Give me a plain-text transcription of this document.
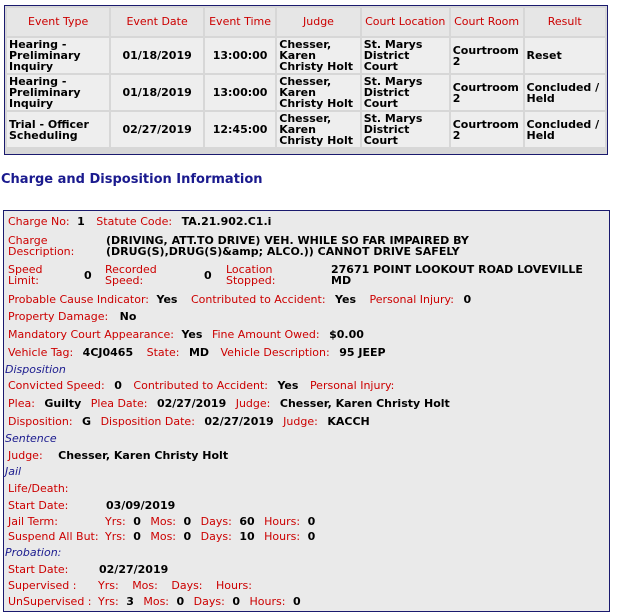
Event Type	Event Date	Event Time	Judge	Court Location	Court Room	Result
Hearing - Preliminary Inquiry	01/18/2019	13:00:00	Chesser, Karen Christy Holt	St. Marys District Court	Courtroom 2	Reset
Hearing - Preliminary Inquiry	01/18/2019	13:00:00	Chesser, Karen Christy Holt	St. Marys District Court	Courtroom 2	Concluded / Held
Trial - Officer Scheduling	02/27/2019	12:45:00	Chesser, Karen Christy Holt	St. Marys District Court	Courtroom 2	Concluded / Held
Charge and Disposition Information
Charge No: 1 Statute Code: TA.21.902.C1.i
Charge Description:
(DRIVING, ATT.TO DRIVE) VEH. WHILE SO FAR IMPAIRED BY (DRUG(S),DRUG(S)&amp; ALCO.)) CANNOT DRIVE SAFELY
Speed Limit:	0 Recorded Speed:	0 Location Stopped:
27671 POINT LOOKOUT ROAD LOVEVILLE MD
Probable Cause Indicator: Yes Contributed to Accident: Yes Personal Injury: 0
Property Damage: No
Mandatory Court Appearance: Yes Fine Amount Owed: $0.00
Vehicle Tag: 4CJ0465 State: MD Vehicle Description: 95 JEEP
Disposition
Convicted Speed: 0 Contributed to Accident: Yes Personal Injury:
Plea: Guilty Plea Date: 02/27/2019 Judge: Chesser, Karen Christy Holt
Disposition: G Disposition Date: 02/27/2019 Judge: KACCH
Sentence
Judge: Chesser, Karen Christy Holt
Jail
Life/Death:
Start Date:	03/09/2019
Jail Term:	Yrs: 0 Mos: 0 Days: 60 Hours: 0
Suspend All But: Yrs: 0 Mos: 0 Days: 10 Hours: 0
Probation:
Start Date:	02/27/2019
Supervised : Yrs: Mos: Days: Hours:
UnSupervised : Yrs: 3 Mos: 0 Days: 0 Hours: 0
